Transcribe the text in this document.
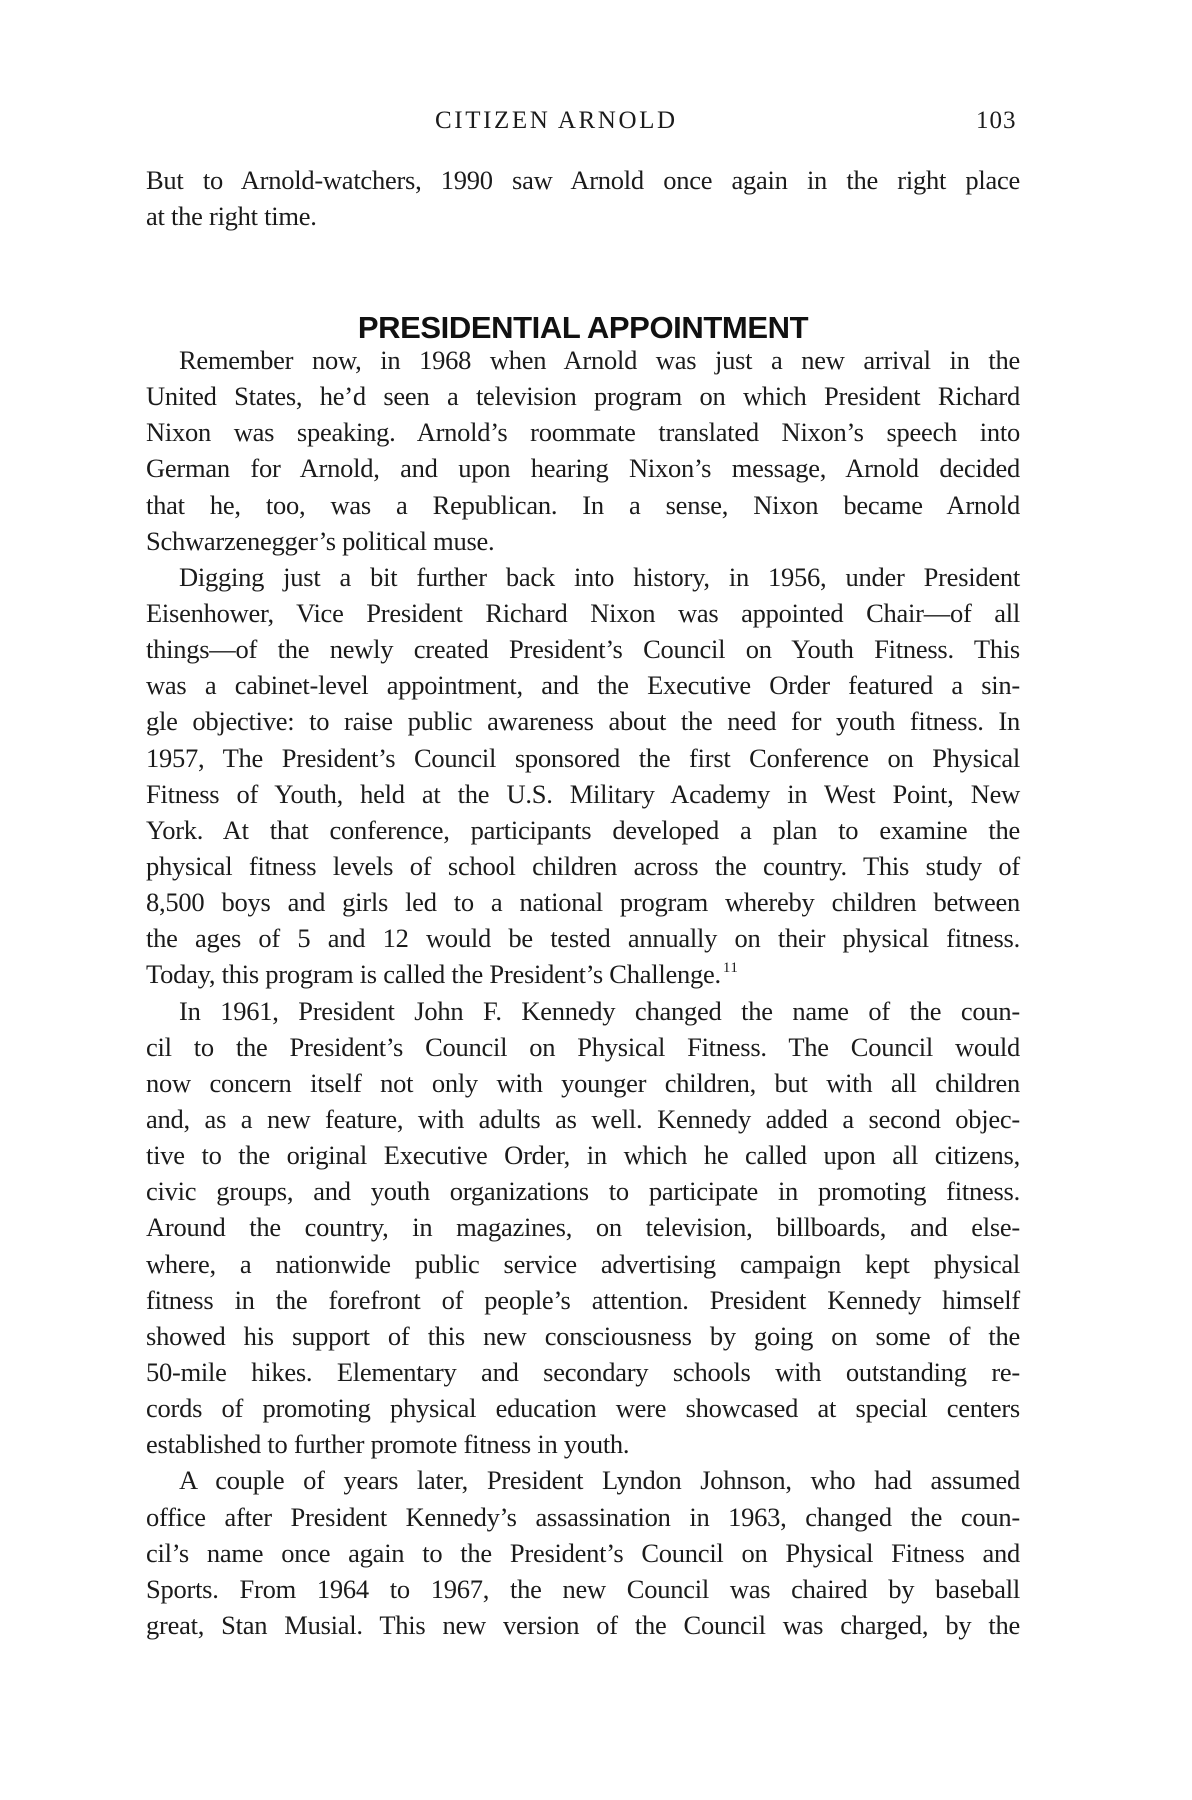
CITIZEN ARNOLD	103
But to Arnold-watchers, 1990 saw Arnold once again in the right place
at the right time.
PRESIDENTIAL APPOINTMENT
Remember now, in 1968 when Arnold was just a new arrival in the
United States, he’d seen a television program on which President Richard
Nixon was speaking. Arnold’s roommate translated Nixon’s speech into
German for Arnold, and upon hearing Nixon’s message, Arnold decided
that he, too, was a Republican. In a sense, Nixon became Arnold
Schwarzenegger’s political muse.
Digging just a bit further back into history, in 1956, under President
Eisenhower, Vice President Richard Nixon was appointed Chair—of all
things—of the newly created President’s Council on Youth Fitness. This
was a cabinet-level appointment, and the Executive Order featured a sin-
gle objective: to raise public awareness about the need for youth fitness. In
1957, The President’s Council sponsored the first Conference on Physical
Fitness of Youth, held at the U.S. Military Academy in West Point, New
York. At that conference, participants developed a plan to examine the
physical fitness levels of school children across the country. This study of
8,500 boys and girls led to a national program whereby children between
the ages of 5 and 12 would be tested annually on their physical fitness.
Today, this program is called the President’s Challenge. $^{11}$
In 1961, President John F. Kennedy changed the name of the coun-
cil to the President’s Council on Physical Fitness. The Council would
now concern itself not only with younger children, but with all children
and, as a new feature, with adults as well. Kennedy added a second objec-
tive to the original Executive Order, in which he called upon all citizens,
civic groups, and youth organizations to participate in promoting fitness.
Around the country, in magazines, on television, billboards, and else-
where, a nationwide public service advertising campaign kept physical
fitness in the forefront of people’s attention. President Kennedy himself
showed his support of this new consciousness by going on some of the
50-mile hikes. Elementary and secondary schools with outstanding re-
cords of promoting physical education were showcased at special centers
established to further promote fitness in youth.
A couple of years later, President Lyndon Johnson, who had assumed
office after President Kennedy’s assassination in 1963, changed the coun-
cil’s name once again to the President’s Council on Physical Fitness and
Sports. From 1964 to 1967, the new Council was chaired by baseball
great, Stan Musial. This new version of the Council was charged, by the
